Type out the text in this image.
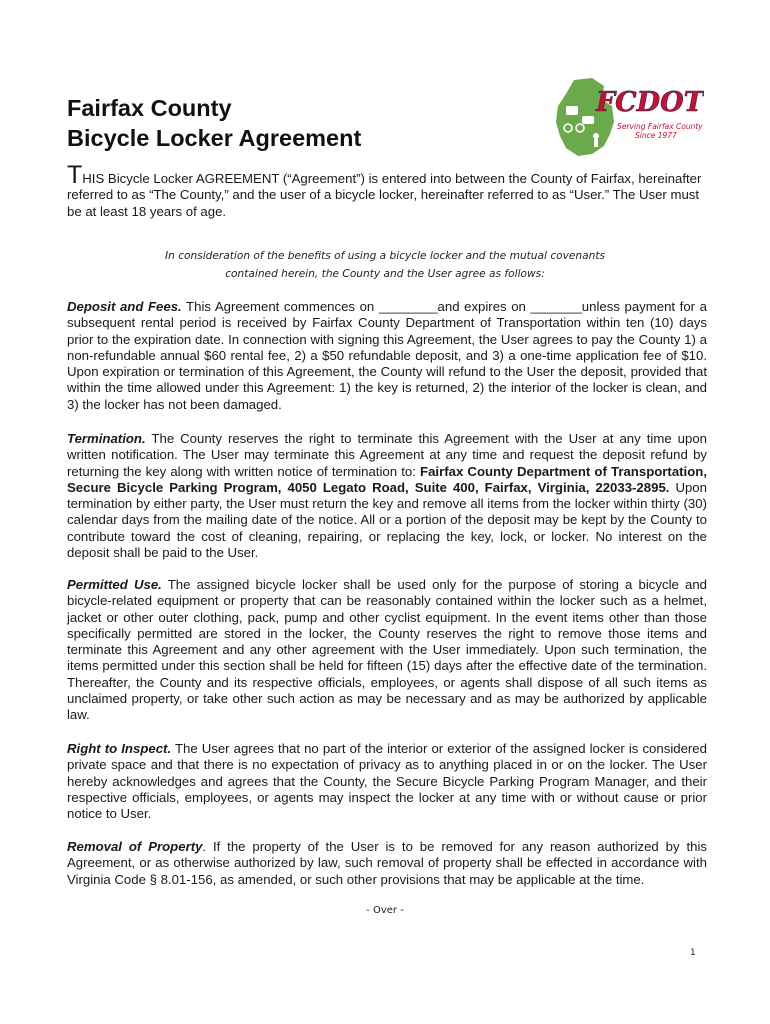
Fairfax County
Bicycle Locker Agreement
FCDOT
Serving Fairfax County
Since 1977
THIS Bicycle Locker AGREEMENT (“Agreement”) is entered into between the County of Fairfax, hereinafter referred to as “The County,” and the user of a bicycle locker, hereinafter referred to as “User.” The User must be at least 18 years of age.
In consideration of the benefits of using a bicycle locker and the mutual covenants
contained herein, the County and the User agree as follows:
Deposit and Fees. This Agreement commences on ________and expires on _______unless payment for a subsequent rental period is received by Fairfax County Department of Transportation within ten (10) days prior to the expiration date. In connection with signing this Agreement, the User agrees to pay the County 1) a non-refundable annual $60 rental fee, 2) a $50 refundable deposit, and 3) a one-time application fee of $10. Upon expiration or termination of this Agreement, the County will refund to the User the deposit, provided that within the time allowed under this Agreement: 1) the key is returned, 2) the interior of the locker is clean, and 3) the locker has not been damaged.
Termination. The County reserves the right to terminate this Agreement with the User at any time upon written notification. The User may terminate this Agreement at any time and request the deposit refund by returning the key along with written notice of termination to: Fairfax County Department of Transportation, Secure Bicycle Parking Program, 4050 Legato Road, Suite 400, Fairfax, Virginia, 22033-2895. Upon termination by either party, the User must return the key and remove all items from the locker within thirty (30) calendar days from the mailing date of the notice. All or a portion of the deposit may be kept by the County to contribute toward the cost of cleaning, repairing, or replacing the key, lock, or locker. No interest on the deposit shall be paid to the User.
Permitted Use. The assigned bicycle locker shall be used only for the purpose of storing a bicycle and bicycle-related equipment or property that can be reasonably contained within the locker such as a helmet, jacket or other outer clothing, pack, pump and other cyclist equipment. In the event items other than those specifically permitted are stored in the locker, the County reserves the right to remove those items and terminate this Agreement and any other agreement with the User immediately. Upon such termination, the items permitted under this section shall be held for fifteen (15) days after the effective date of the termination. Thereafter, the County and its respective officials, employees, or agents shall dispose of all such items as unclaimed property, or take other such action as may be necessary and as may be authorized by applicable law.
Right to Inspect. The User agrees that no part of the interior or exterior of the assigned locker is considered private space and that there is no expectation of privacy as to anything placed in or on the locker. The User hereby acknowledges and agrees that the County, the Secure Bicycle Parking Program Manager, and their respective officials, employees, or agents may inspect the locker at any time with or without cause or prior notice to User.
Removal of Property. If the property of the User is to be removed for any reason authorized by this Agreement, or as otherwise authorized by law, such removal of property shall be effected in accordance with Virginia Code § 8.01-156, as amended, or such other provisions that may be applicable at the time.
- Over -
1
